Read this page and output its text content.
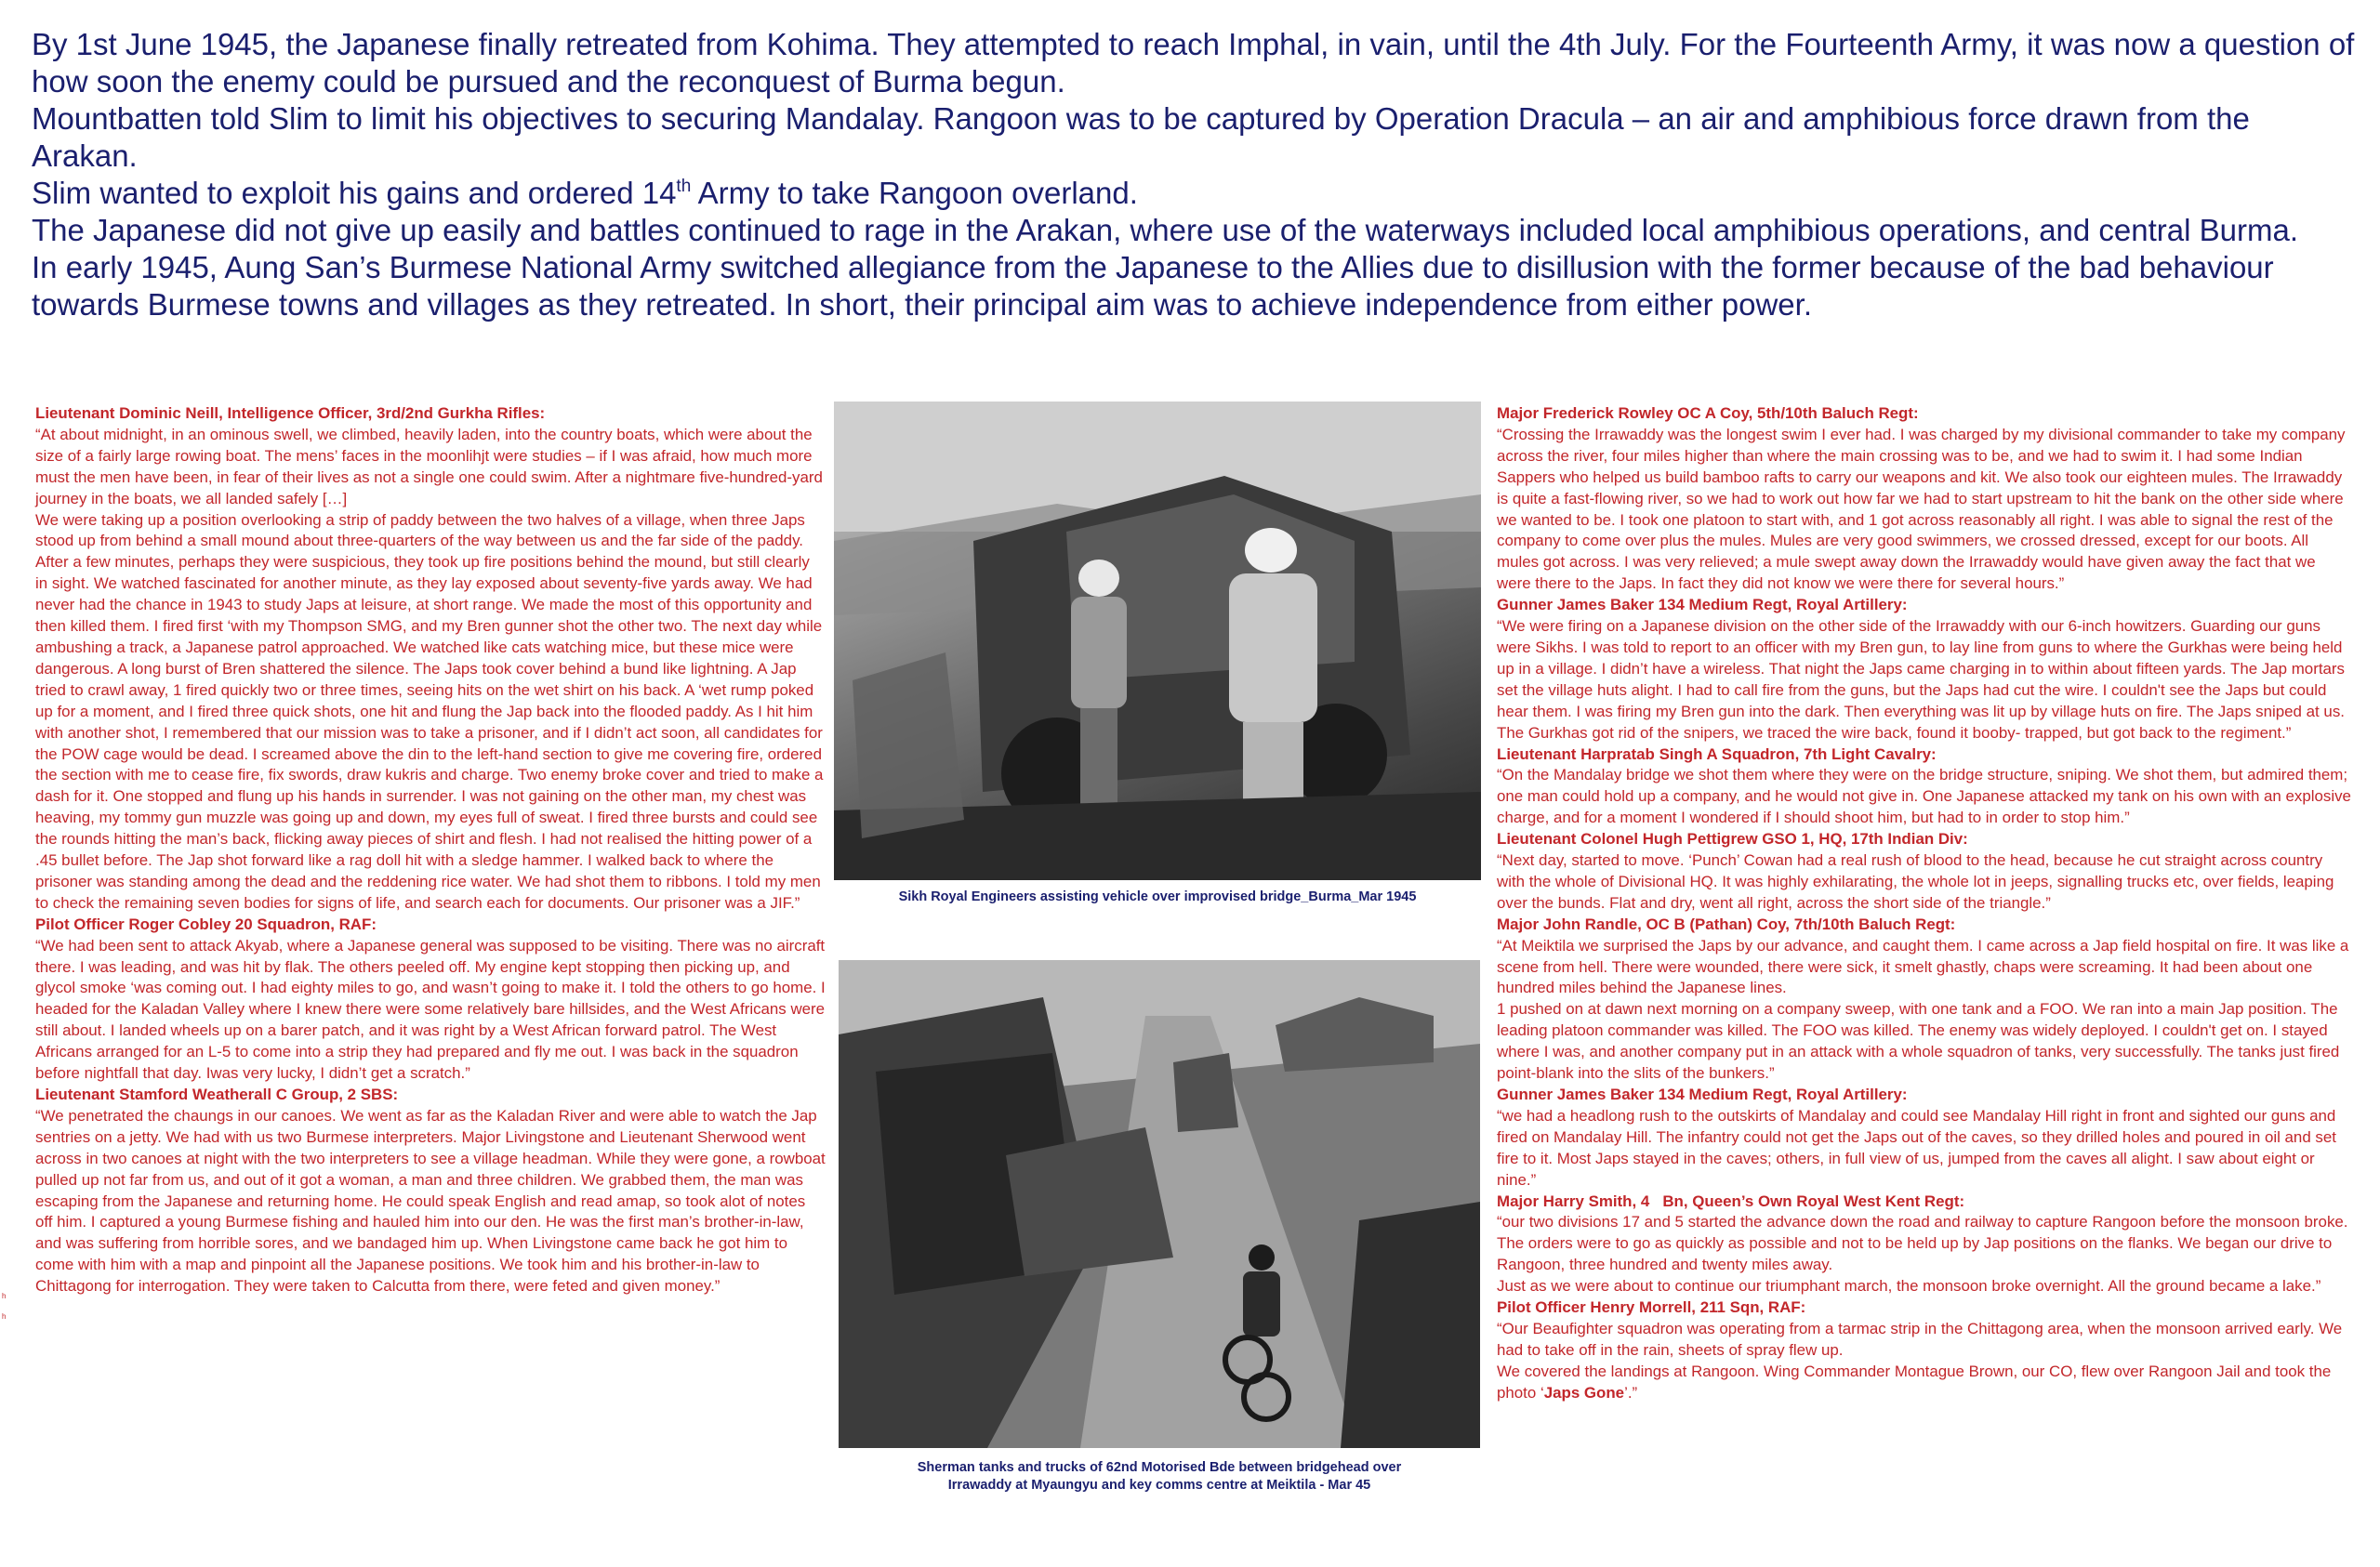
By 1st June 1945, the Japanese finally retreated from Kohima. They attempted to reach Imphal, in vain, until the 4th July. For the Fourteenth Army, it was now a question of how soon the enemy could be pursued and the reconquest of Burma begun.

Mountbatten told Slim to limit his objectives to securing Mandalay. Rangoon was to be captured by Operation Dracula – an air and amphibious force drawn from the Arakan.

Slim wanted to exploit his gains and ordered 14th Army to take Rangoon overland.

The Japanese did not give up easily and battles continued to rage in the Arakan, where use of the waterways included local amphibious operations, and central Burma.

In early 1945, Aung San’s Burmese National Army switched allegiance from the Japanese to the Allies due to disillusion with the former because of the bad behaviour towards Burmese towns and villages as they retreated. In short, their principal aim was to achieve independence from either power.

Lieutenant Dominic Neill, Intelligence Officer, 3rd/2nd Gurkha Rifles:

“At about midnight, in an ominous swell, we climbed, heavily laden, into the country boats, which were about the size of a fairly large rowing boat. The mens’ faces in the moonlihjt were studies – if I was afraid, how much more must the men have been, in fear of their lives as not a single one could swim. After a nightmare five-hundred-yard journey in the boats, we all landed safely […]

We were taking up a position overlooking a strip of paddy between the two halves of a village, when three Japs stood up from behind a small mound about three-quarters of the way between us and the far side of the paddy. After a few minutes, perhaps they were suspicious, they took up fire positions behind the mound, but still clearly in sight. We watched fascinated for another minute, as they lay exposed about seventy-five yards away. We had never had the chance in 1943 to study Japs at leisure, at short range. We made the most of this opportunity and then killed them. I fired first ‘with my Thompson SMG, and my Bren gunner shot the other two. The next day while ambushing a track, a Japanese patrol approached. We watched like cats watching mice, but these mice were dangerous. A long burst of Bren shattered the silence. The Japs took cover behind a bund like lightning. A Jap tried to crawl away, 1 fired quickly two or three times, seeing hits on the wet shirt on his back. A ‘wet rump poked up for a moment, and I fired three quick shots, one hit and flung the Jap back into the flooded paddy. As I hit him with another shot, I remembered that our mission was to take a prisoner, and if I didn’t act soon, all candidates for the POW cage would be dead. I screamed above the din to the left-hand section to give me covering fire, ordered the section with me to cease fire, fix swords, draw kukris and charge. Two enemy broke cover and tried to make a dash for it. One stopped and flung up his hands in surrender. I was not gaining on the other man, my chest was heaving, my tommy gun muzzle was going up and down, my eyes full of sweat. I fired three bursts and could see the rounds hitting the man’s back, flicking away pieces of shirt and flesh. I had not realised the hitting power of a .45 bullet before. The Jap shot forward like a rag doll hit with a sledge hammer. I walked back to where the prisoner was standing among the dead and the reddening rice water. We had shot them to ribbons. I told my men to check the remaining seven bodies for signs of life, and search each for documents. Our prisoner was a JIF.”

Pilot Officer Roger Cobley 20 Squadron, RAF:

“We had been sent to attack Akyab, where a Japanese general was supposed to be visiting. There was no aircraft there. I was leading, and was hit by flak. The others peeled off. My engine kept stopping then picking up, and glycol smoke ‘was coming out. I had eighty miles to go, and wasn’t going to make it. I told the others to go home. I headed for the Kaladan Valley where I knew there were some relatively bare hillsides, and the West Africans were still about. I landed wheels up on a barer patch, and it was right by a West African forward patrol. The West Africans arranged for an L-5 to come into a strip they had prepared and fly me out. I was back in the squadron before nightfall that day. Iwas very lucky, I didn’t get a scratch.”

Lieutenant Stamford Weatherall C Group, 2 SBS:

“We penetrated the chaungs in our canoes. We went as far as the Kaladan River and were able to watch the Jap sentries on a jetty. We had with us two Burmese interpreters. Major Livingstone and Lieutenant Sherwood went across in two canoes at night with the two interpreters to see a village headman. While they were gone, a rowboat pulled up not far from us, and out of it got a woman, a man and three children. We grabbed them, the man was escaping from the Japanese and returning home. He could speak English and read amap, so took alot of notes off him. I captured a young Burmese fishing and hauled him into our den. He was the first man’s brother-in-law, and was suffering from horrible sores, and we bandaged him up. When Livingstone came back he got him to come with him with a map and pinpoint all the Japanese positions. We took him and his brother-in-law to Chittagong for interrogation. They were taken to Calcutta from there, were feted and given money.”

Sikh Royal Engineers assisting vehicle over improvised bridge_Burma_Mar 1945
Sherman tanks and trucks of 62nd Motorised Bde between bridgehead over
Irrawaddy at Myaungyu and key comms centre at Meiktila - Mar 45

Major Frederick Rowley OC A Coy, 5th/10th Baluch Regt:

“Crossing the Irrawaddy was the longest swim I ever had. I was charged by my divisional commander to take my company across the river, four miles higher than where the main crossing was to be, and we had to swim it. I had some Indian Sappers who helped us build bamboo rafts to carry our weapons and kit. We also took our eighteen mules. The Irrawaddy is quite a fast-flowing river, so we had to work out how far we had to start upstream to hit the bank on the other side where we wanted to be. I took one platoon to start with, and 1 got across reasonably all right. I was able to signal the rest of the company to come over plus the mules. Mules are very good swimmers, we crossed dressed, except for our boots. All mules got across. I was very relieved; a mule swept away down the Irrawaddy would have given away the fact that we were there to the Japs. In fact they did not know we were there for several hours.”

Gunner James Baker 134 Medium Regt, Royal Artillery:

“We were firing on a Japanese division on the other side of the Irrawaddy with our 6-inch howitzers. Guarding our guns were Sikhs. I was told to report to an officer with my Bren gun, to lay line from guns to where the Gurkhas were being held up in a village. I didn’t have a wireless. That night the Japs came charging in to within about fifteen yards. The Jap mortars set the village huts alight. I had to call fire from the guns, but the Japs had cut the wire. I couldn't see the Japs but could hear them. I was firing my Bren gun into the dark. Then everything was lit up by village huts on fire. The Japs sniped at us. The Gurkhas got rid of the snipers, we traced the wire back, found it booby- trapped, but got back to the regiment.”

Lieutenant Harpratab Singh A Squadron, 7th Light Cavalry:

“On the Mandalay bridge we shot them where they were on the bridge structure, sniping. We shot them, but admired them; one man could hold up a company, and he would not give in. One Japanese attacked my tank on his own with an explosive charge, and for a moment I wondered if I should shoot him, but had to in order to stop him.”

Lieutenant Colonel Hugh Pettigrew GSO 1, HQ, 17th Indian Div:

“Next day, started to move. ‘Punch’ Cowan had a real rush of blood to the head, because he cut straight across country with the whole of Divisional HQ. It was highly exhilarating, the whole lot in jeeps, signalling trucks etc, over fields, leaping over the bunds. Flat and dry, went all right, across the short side of the triangle.”

Major John Randle, OC B (Pathan) Coy, 7th/10th Baluch Regt:

“At Meiktila we surprised the Japs by our advance, and caught them. I came across a Jap field hospital on fire. It was like a scene from hell. There were wounded, there were sick, it smelt ghastly, chaps were screaming. It had been about one hundred miles behind the Japanese lines.

1 pushed on at dawn next morning on a company sweep, with one tank and a FOO. We ran into a main Jap position. The leading platoon commander was killed. The FOO was killed. The enemy was widely deployed. I couldn't get on. I stayed where I was, and another company put in an attack with a whole squadron of tanks, very successfully. The tanks just fired point-blank into the slits of the bunkers.”

Gunner James Baker 134 Medium Regt, Royal Artillery:

“we had a headlong rush to the outskirts of Mandalay and could see Mandalay Hill right in front and sighted our guns and fired on Mandalay Hill. The infantry could not get the Japs out of the caves, so they drilled holes and poured in oil and set fire to it. Most Japs stayed in the caves; others, in full view of us, jumped from the caves all alight. I saw about eight or nine.”

Major Harry Smith, 4 Bn, Queen’s Own Royal West Kent Regt:

“our two divisions 17 and 5 started the advance down the road and railway to capture Rangoon before the monsoon broke. The orders were to go as quickly as possible and not to be held up by Jap positions on the flanks. We began our drive to Rangoon, three hundred and twenty miles away.

Just as we were about to continue our triumphant march, the monsoon broke overnight. All the ground became a lake.”

Pilot Officer Henry Morrell, 211 Sqn, RAF:

“Our Beaufighter squadron was operating from a tarmac strip in the Chittagong area, when the monsoon arrived early. We had to take off in the rain, sheets of spray flew up.

We covered the landings at Rangoon. Wing Commander Montague Brown, our CO, flew over Rangoon Jail and took the photo ‘Japs Gone’.”

h
h
